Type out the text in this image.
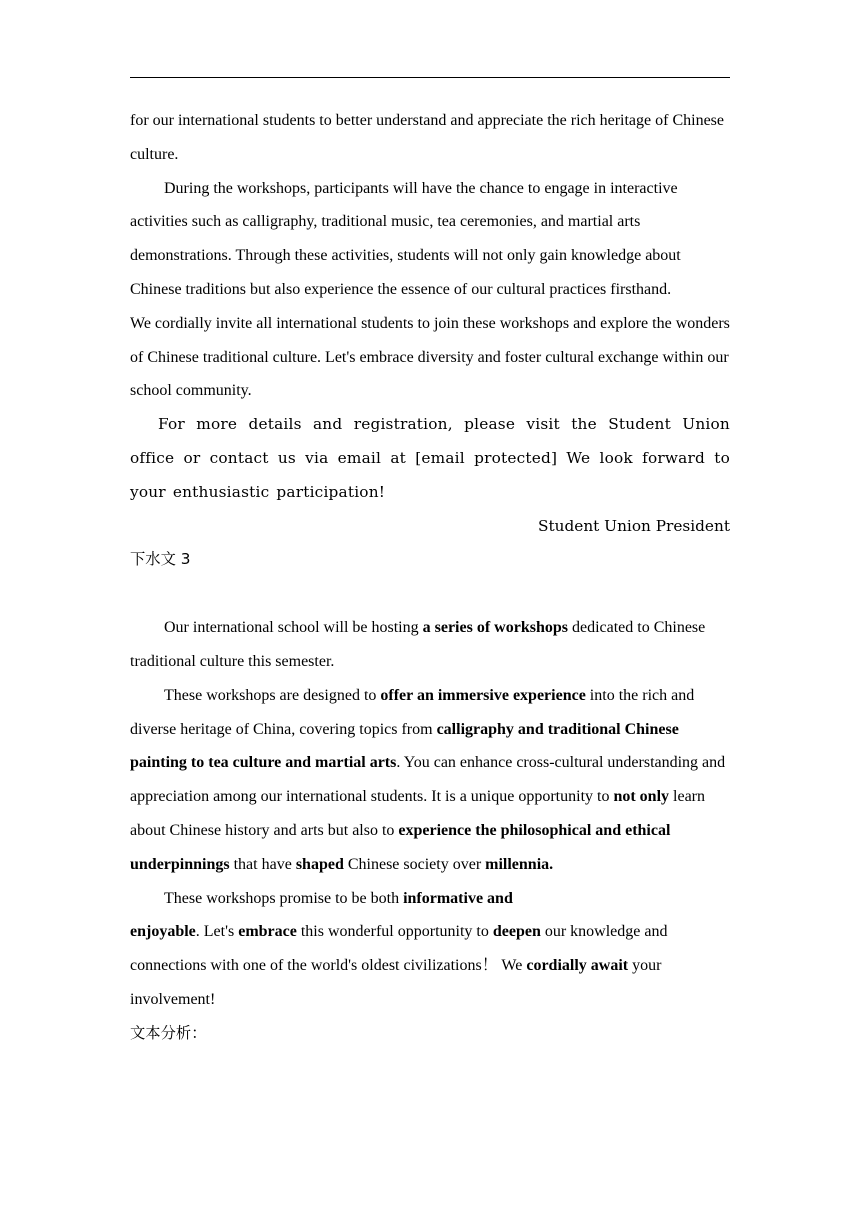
for our international students to better understand and appreciate the rich heritage of Chinese culture.

During the workshops, participants will have the chance to engage in interactive activities such as calligraphy, traditional music, tea ceremonies, and martial arts demonstrations. Through these activities, students will not only gain knowledge about Chinese traditions but also experience the essence of our cultural practices firsthand.

We cordially invite all international students to join these workshops and explore the wonders of Chinese traditional culture. Let's embrace diversity and foster cultural exchange within our school community.

For more details and registration, please visit the Student Union office or contact us via email at [email protected] We look forward to your enthusiastic participation!

Student Union President

下水文 3

Our international school will be hosting a series of workshops dedicated to Chinese traditional culture this semester.

These workshops are designed to offer an immersive experience into the rich and diverse heritage of China, covering topics from calligraphy and traditional Chinese painting to tea culture and martial arts. You can enhance cross-cultural understanding and appreciation among our international students. It is a unique opportunity to not only learn about Chinese history and arts but also to experience the philosophical and ethical underpinnings that have shaped Chinese society over millennia.

These workshops promise to be both informative and

enjoyable. Let's embrace this wonderful opportunity to deepen our knowledge and connections with one of the world's oldest civilizations！ We cordially await your involvement!

文本分析：
